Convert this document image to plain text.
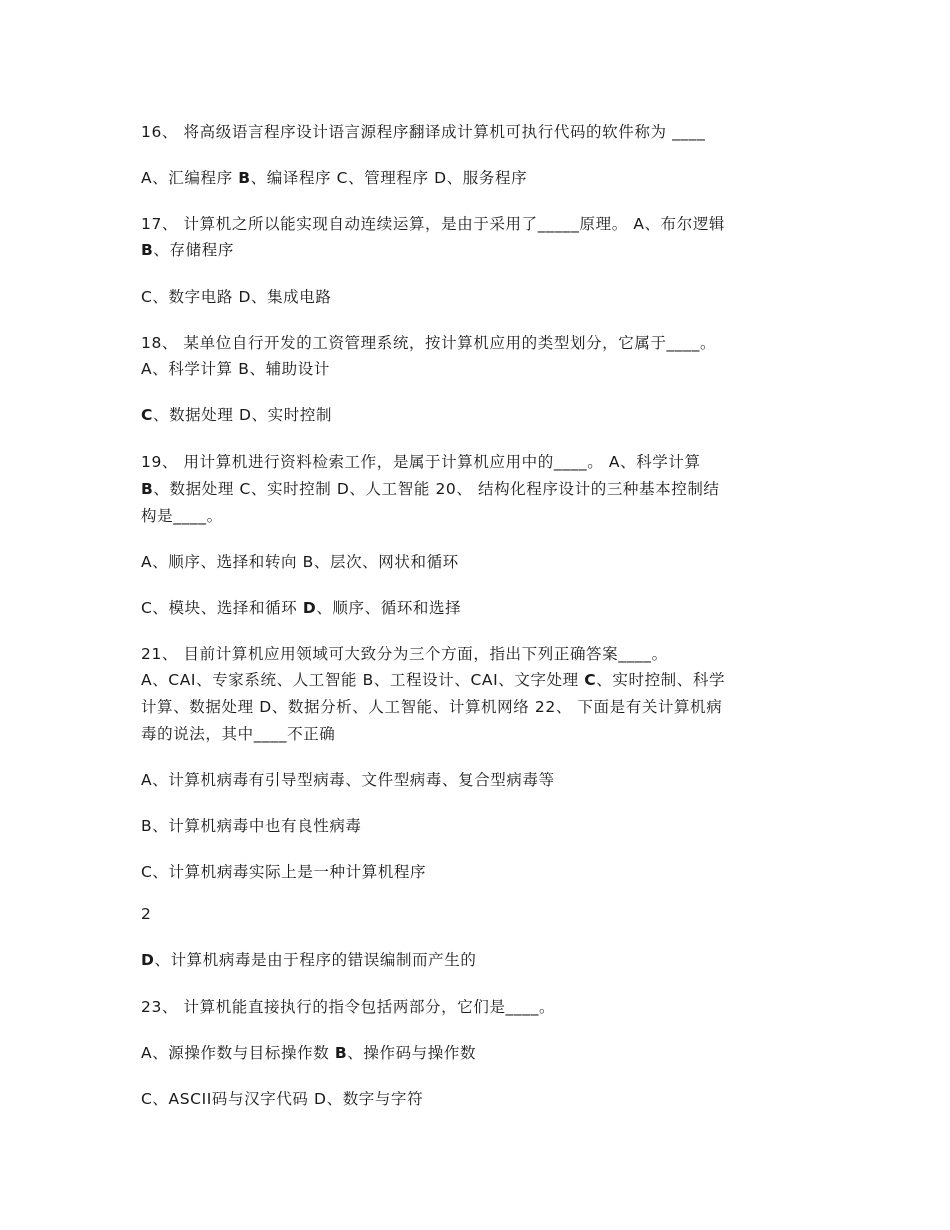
16、 将高级语言程序设计语言源程序翻译成计算机可执行代码的软件称为 ____
A、汇编程序 B、编译程序 C、管理程序 D、服务程序
17、 计算机之所以能实现自动连续运算，是由于采用了_____原理。 A、布尔逻辑
B、存储程序
C、数字电路 D、集成电路
18、 某单位自行开发的工资管理系统，按计算机应用的类型划分，它属于____。
A、科学计算 B、辅助设计
C、数据处理 D、实时控制
19、 用计算机进行资料检索工作，是属于计算机应用中的____。 A、科学计算
B、数据处理 C、实时控制 D、人工智能 20、 结构化程序设计的三种基本控制结
构是____。
A、顺序、选择和转向 B、层次、网状和循环
C、模块、选择和循环 D、顺序、循环和选择
21、 目前计算机应用领域可大致分为三个方面，指出下列正确答案____。
A、CAI、专家系统、人工智能 B、工程设计、CAI、文字处理 C、实时控制、科学
计算、数据处理 D、数据分析、人工智能、计算机网络 22、 下面是有关计算机病
毒的说法，其中____不正确
A、计算机病毒有引导型病毒、文件型病毒、复合型病毒等
B、计算机病毒中也有良性病毒
C、计算机病毒实际上是一种计算机程序
2
D、计算机病毒是由于程序的错误编制而产生的
23、 计算机能直接执行的指令包括两部分，它们是____。
A、源操作数与目标操作数 B、操作码与操作数
C、ASCII码与汉字代码 D、数字与字符
